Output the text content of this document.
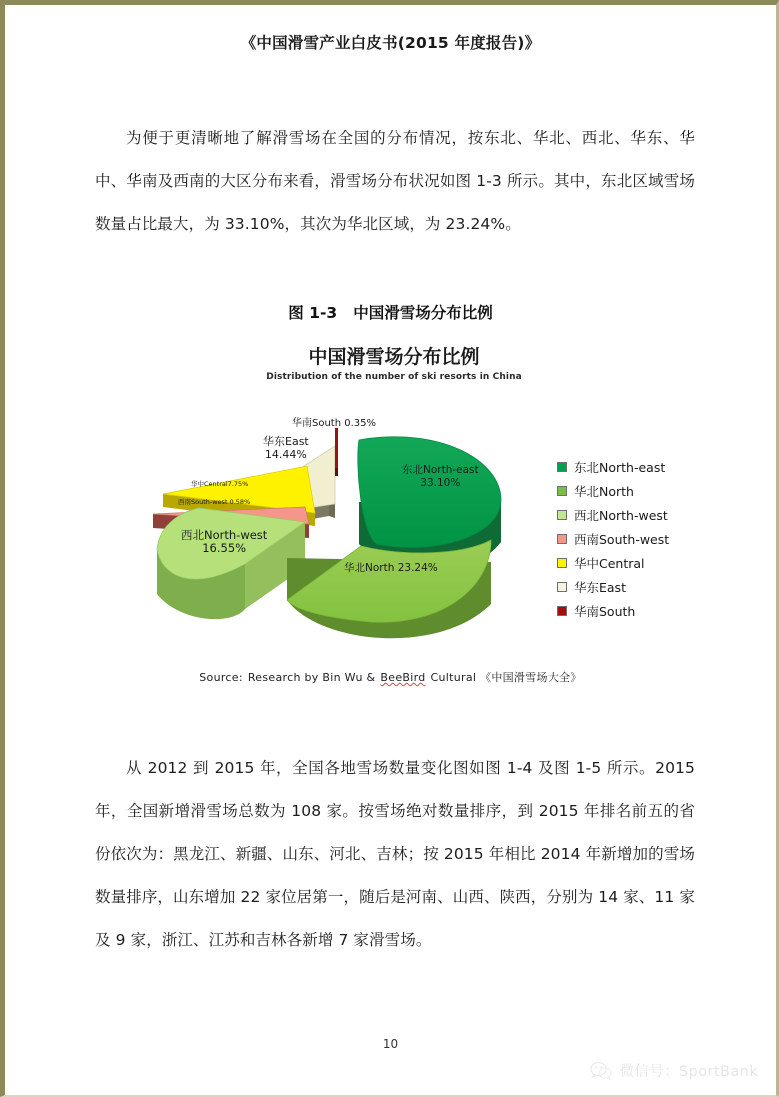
《中国滑雪产业白皮书(2015 年度报告)》
为便于更清晰地了解滑雪场在全国的分布情况，按东北、华北、西北、华东、华中、华南及西南的大区分布来看，滑雪场分布状况如图 1-3 所示。其中，东北区域雪场数量占比最大，为 33.10%，其次为华北区域，为 23.24%。
图 1-3 中国滑雪场分布比例
中国滑雪场分布比例
Distribution of the number of ski resorts in China
华南South 0.35%
华东East
14.44%
华中Central7.75%
西南South-west 0.58%
西北North-west
16.55%
东北North-east
33.10%
华北North 23.24%
东北North-east
华北North
西北North-west
西南South-west
华中Central
华东East
华南South
Source: Research by Bin Wu & BeeBird Cultural 《中国滑雪场大全》
从 2012 到 2015 年，全国各地雪场数量变化图如图 1-4 及图 1-5 所示。2015 年，全国新增滑雪场总数为 108 家。按雪场绝对数量排序，到 2015 年排名前五的省份依次为：黑龙江、新疆、山东、河北、吉林；按 2015 年相比 2014 年新增加的雪场数量排序，山东增加 22 家位居第一，随后是河南、山西、陕西，分别为 14 家、11 家及 9 家，浙江、江苏和吉林各新增 7 家滑雪场。
10
微信号：SportBank
